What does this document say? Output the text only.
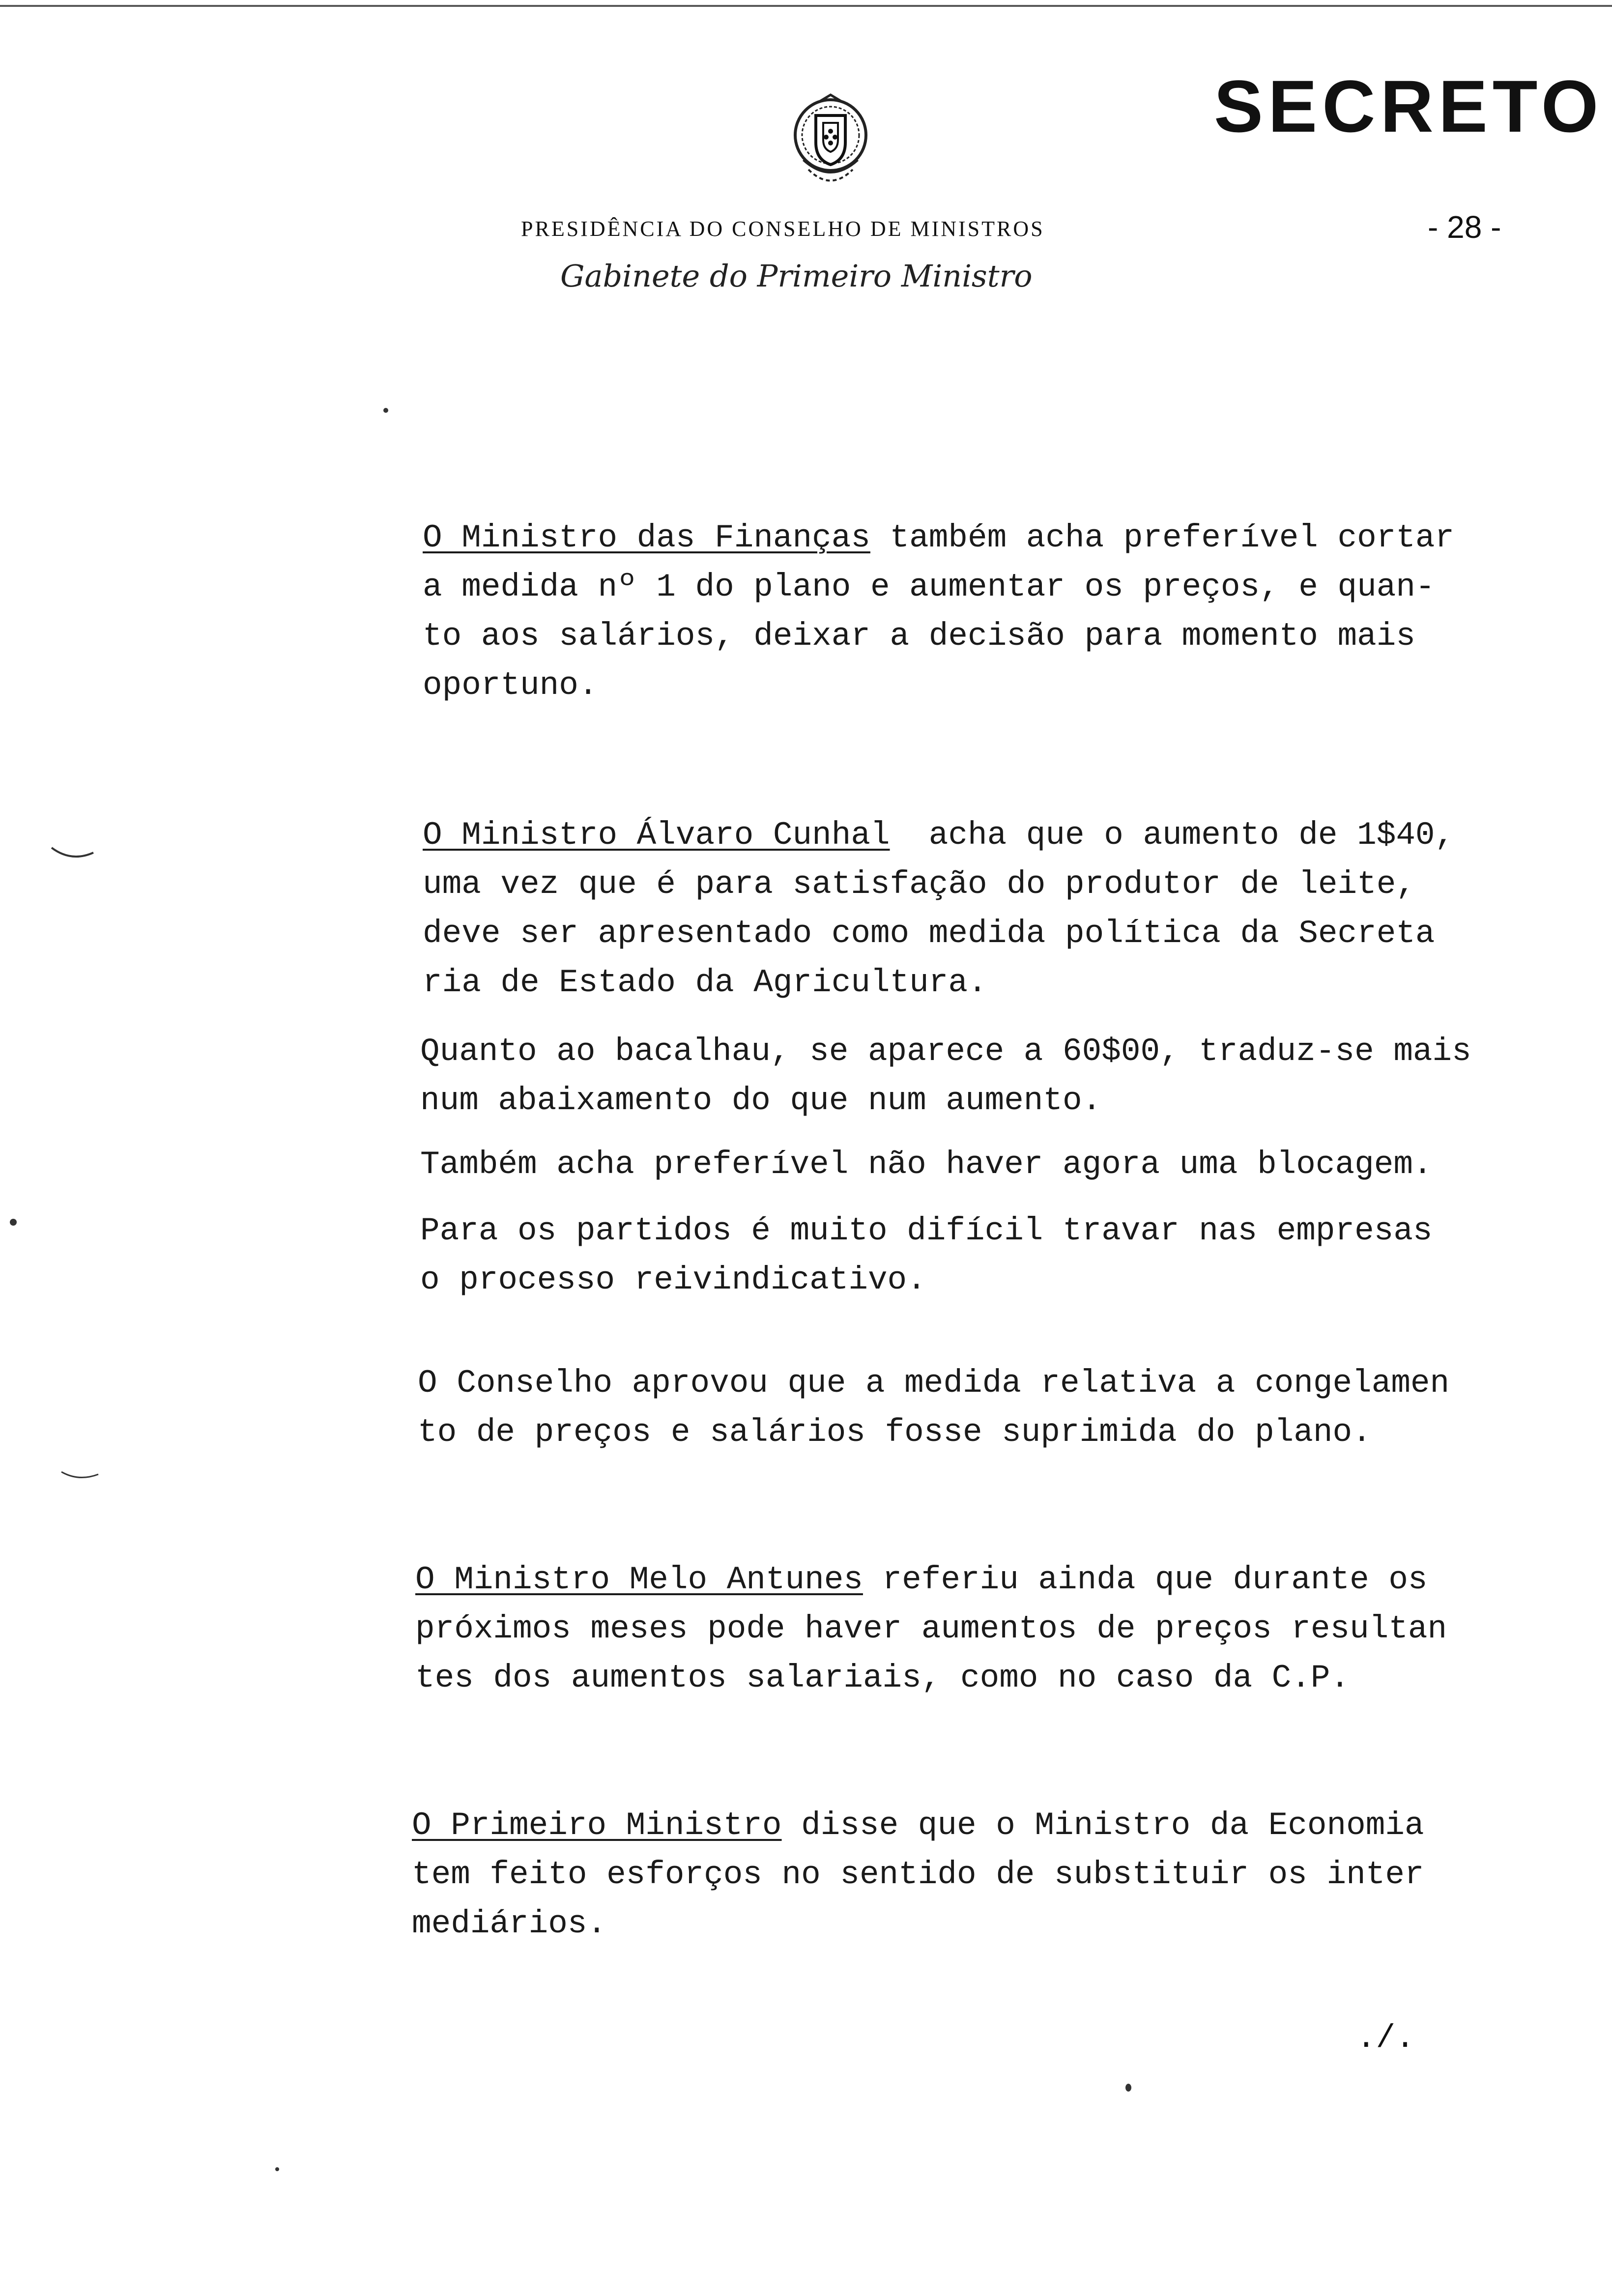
SECRETO
PRESIDÊNCIA DO CONSELHO DE MINISTROS	- 28 -
Gabinete do Primeiro Ministro
O Ministro das Finanças também acha preferível cortar
a medida nº 1 do plano e aumentar os preços, e quan-
to aos salários, deixar a decisão para momento mais
oportuno.
O Ministro Álvaro Cunhal  acha que o aumento de 1$40,
uma vez que é para satisfação do produtor de leite,
deve ser apresentado como medida política da Secreta
ria de Estado da Agricultura.
Quanto ao bacalhau, se aparece a 60$00, traduz-se mais
num abaixamento do que num aumento.
Também acha preferível não haver agora uma blocagem.
Para os partidos é muito difícil travar nas empresas
o processo reivindicativo.
O Conselho aprovou que a medida relativa a congelamen
to de preços e salários fosse suprimida do plano.
O Ministro Melo Antunes referiu ainda que durante os
próximos meses pode haver aumentos de preços resultan
tes dos aumentos salariais, como no caso da C.P.
O Primeiro Ministro disse que o Ministro da Economia
tem feito esforços no sentido de substituir os inter
mediários.
./.
